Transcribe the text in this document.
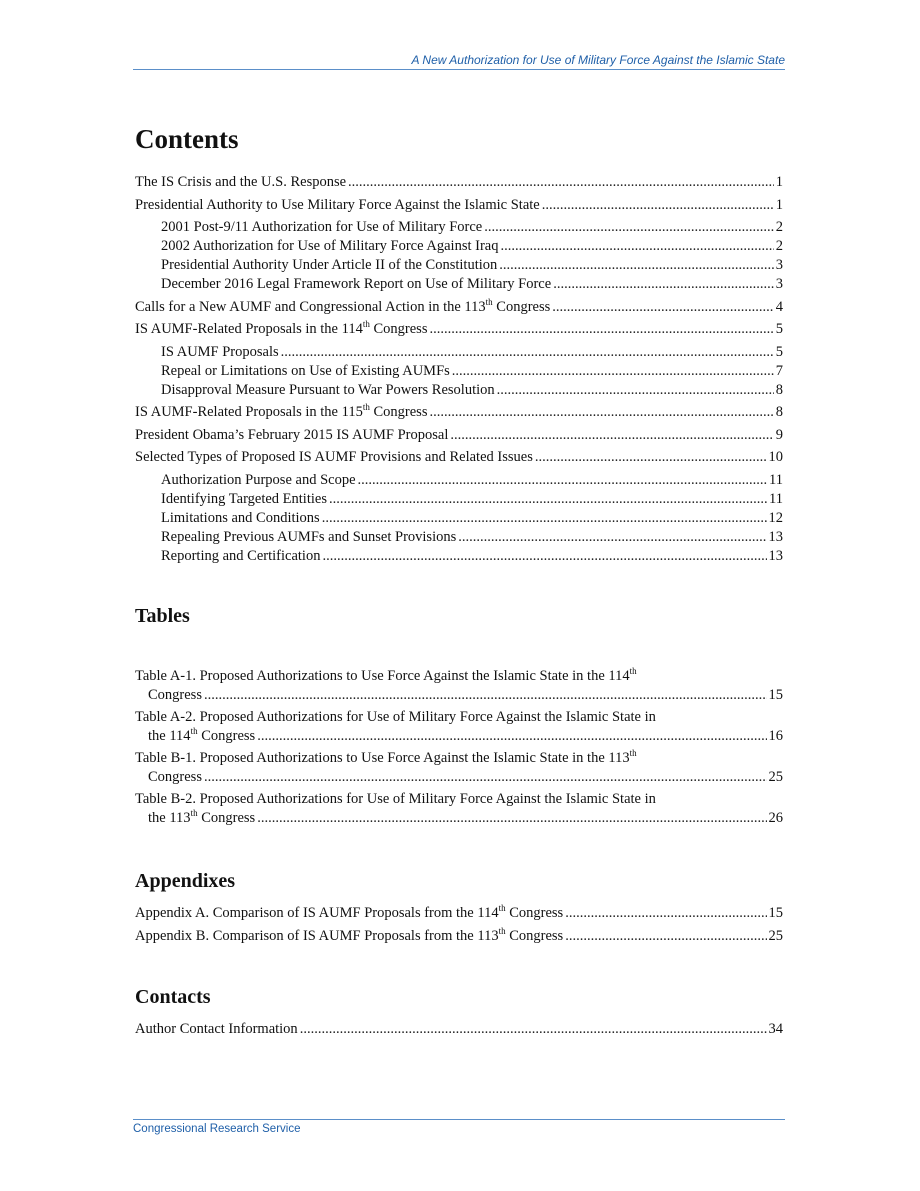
A New Authorization for Use of Military Force Against the Islamic State
Contents
The IS Crisis and the U.S. Response .....	1
Presidential Authority to Use Military Force Against the Islamic State .....	1
2001 Post-9/11 Authorization for Use of Military Force .....	2
2002 Authorization for Use of Military Force Against Iraq .....	2
Presidential Authority Under Article II of the Constitution .....	3
December 2016 Legal Framework Report on Use of Military Force .....	3
Calls for a New AUMF and Congressional Action in the 113th Congress .....	4
IS AUMF-Related Proposals in the 114th Congress .....	5
IS AUMF Proposals .....	5
Repeal or Limitations on Use of Existing AUMFs .....	7
Disapproval Measure Pursuant to War Powers Resolution .....	8
IS AUMF-Related Proposals in the 115th Congress .....	8
President Obama’s February 2015 IS AUMF Proposal .....	9
Selected Types of Proposed IS AUMF Provisions and Related Issues .....	10
Authorization Purpose and Scope .....	11
Identifying Targeted Entities .....	11
Limitations and Conditions .....	12
Repealing Previous AUMFs and Sunset Provisions .....	13
Reporting and Certification .....	13
Tables
Table A-1. Proposed Authorizations to Use Force Against the Islamic State in the 114th
Congress .....	15
Table A-2. Proposed Authorizations for Use of Military Force Against the Islamic State in
the 114th Congress .....	16
Table B-1. Proposed Authorizations to Use Force Against the Islamic State in the 113th
Congress .....	25
Table B-2. Proposed Authorizations for Use of Military Force Against the Islamic State in
the 113th Congress .....	26
Appendixes
Appendix A. Comparison of IS AUMF Proposals from the 114th Congress .....	15
Appendix B. Comparison of IS AUMF Proposals from the 113th Congress .....	25
Contacts
Author Contact Information .....	34
Congressional Research Service
